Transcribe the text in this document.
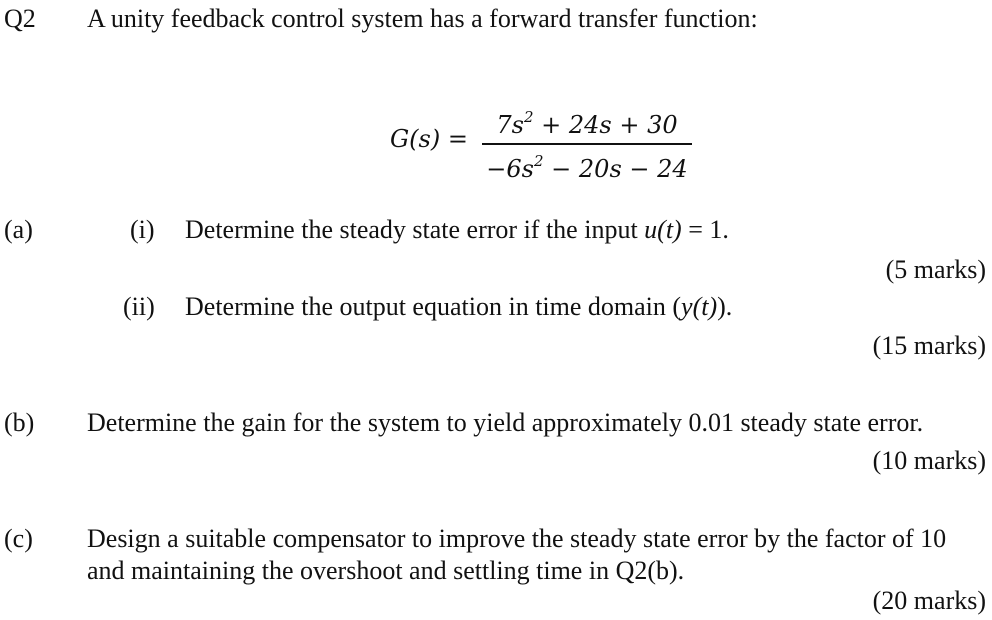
Q2 A unity feedback control system has a forward transfer function:
G(s) =	$7s^2 + 24s + 30$
$-6s^2 - 20s - 24$
(a)	(i) Determine the steady state error if the input u(t) = 1.
(5 marks)
(ii) Determine the output equation in time domain (y(t)).
(15 marks)
(b) Determine the gain for the system to yield approximately 0.01 steady state error.
(10 marks)
(c) Design a suitable compensator to improve the steady state error by the factor of 10
and maintaining the overshoot and settling time in Q2(b).
(20 marks)
